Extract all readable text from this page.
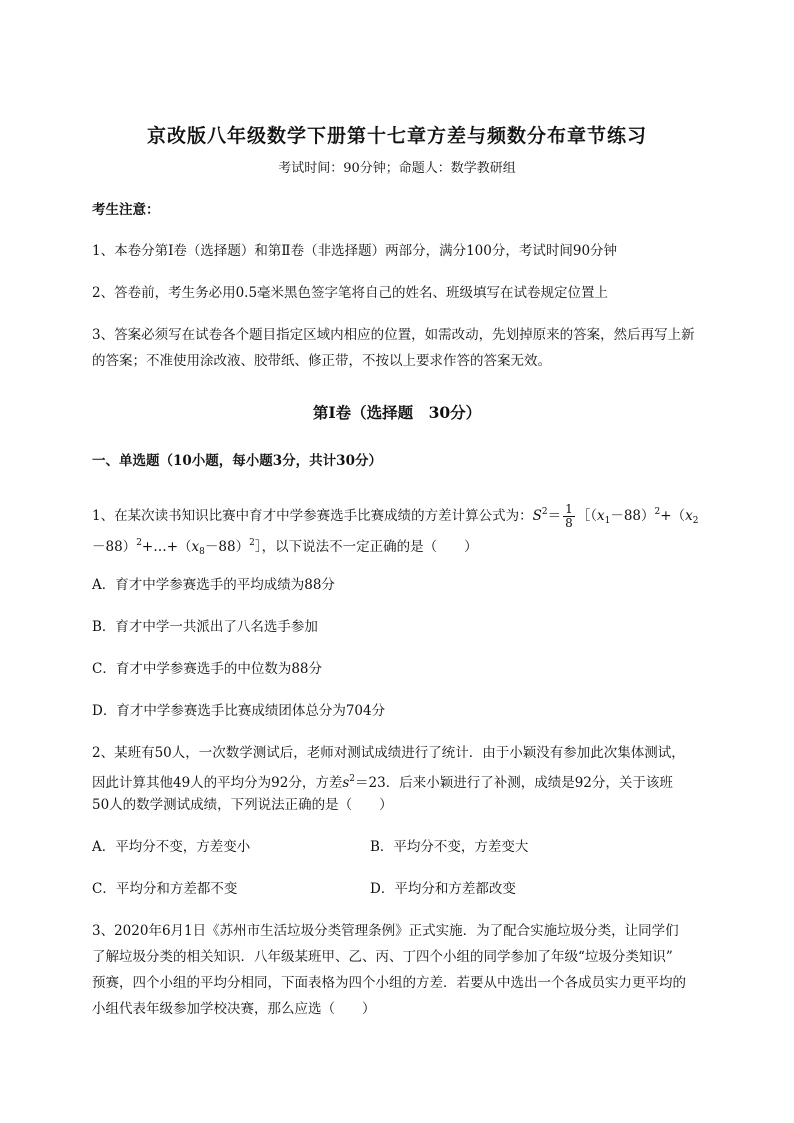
京改版八年级数学下册第十七章方差与频数分布章节练习
考试时间：90分钟；命题人：数学教研组
考生注意：
1、本卷分第Ⅰ卷（选择题）和第Ⅱ卷（非选择题）两部分，满分100分，考试时间90分钟
2、答卷前，考生务必用0.5毫米黑色签字笔将自己的姓名、班级填写在试卷规定位置上
3、答案必须写在试卷各个题目指定区域内相应的位置，如需改动，先划掉原来的答案，然后再写上新
的答案；不准使用涂改液、胶带纸、修正带，不按以上要求作答的答案无效。
第Ⅰ卷（选择题　30分）
一、单选题（10小题，每小题3分，共计30分）
1、在某次读书知识比赛中育才中学参赛选手比赛成绩的方差计算公式为：$S^2= \frac{1}{8}$ $[(x_1-88)^2+(x_2$
$-88)^2+\dots+(x_8-88)^2]$，以下说法不一定正确的是（　　）
A．育才中学参赛选手的平均成绩为88分
B．育才中学一共派出了八名选手参加
C．育才中学参赛选手的中位数为88分
D．育才中学参赛选手比赛成绩团体总分为704分
2、某班有50人，一次数学测试后，老师对测试成绩进行了统计．由于小颖没有参加此次集体测试，
因此计算其他49人的平均分为92分，方差$s^2=23$．后来小颖进行了补测，成绩是92分，关于该班
50人的数学测试成绩，下列说法正确的是（　　）
A．平均分不变，方差变小	B．平均分不变，方差变大
C．平均分和方差都不变	D．平均分和方差都改变
3、2020年6月1日《苏州市生活垃圾分类管理条例》正式实施．为了配合实施垃圾分类，让同学们
了解垃圾分类的相关知识．八年级某班甲、乙、丙、丁四个小组的同学参加了年级“垃圾分类知识”
预赛，四个小组的平均分相同，下面表格为四个小组的方差．若要从中选出一个各成员实力更平均的
小组代表年级参加学校决赛，那么应选（　　）
